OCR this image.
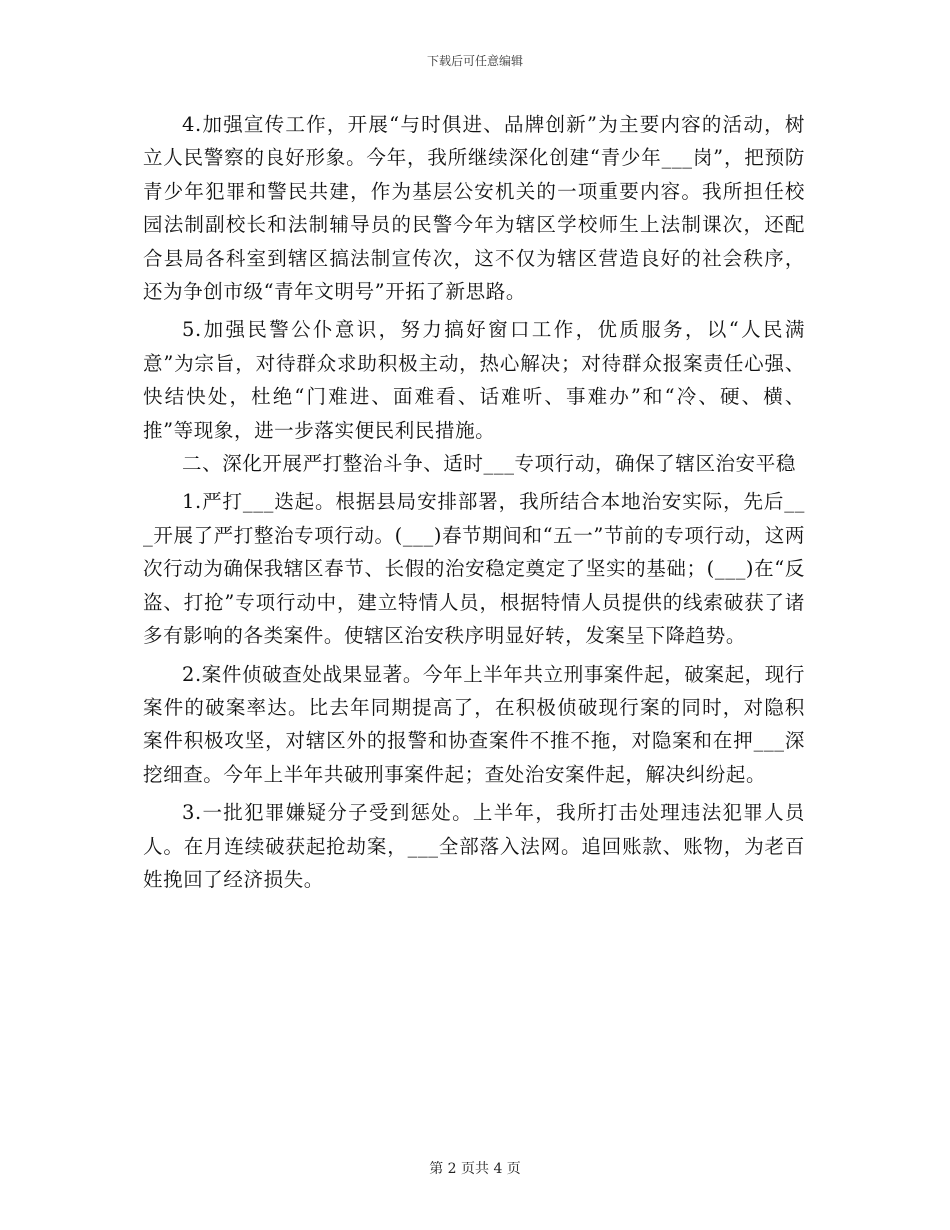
下载后可任意编辑

4.加强宣传工作，开展“与时俱进、品牌创新”为主要内容的活动，树立人民警察的良好形象。今年，我所继续深化创建“青少年___岗”，把预防青少年犯罪和警民共建，作为基层公安机关的一项重要内容。我所担任校园法制副校长和法制辅导员的民警今年为辖区学校师生上法制课次，还配合县局各科室到辖区搞法制宣传次，这不仅为辖区营造良好的社会秩序，还为争创市级“青年文明号”开拓了新思路。

5.加强民警公仆意识，努力搞好窗口工作，优质服务，以“人民满意”为宗旨，对待群众求助积极主动，热心解决；对待群众报案责任心强、快结快处，杜绝“门难进、面难看、话难听、事难办”和“冷、硬、横、推”等现象，进一步落实便民利民措施。

二、深化开展严打整治斗争、适时___专项行动，确保了辖区治安平稳

1.严打___迭起。根据县局安排部署，我所结合本地治安实际，先后___开展了严打整治专项行动。(___)春节期间和“五一”节前的专项行动，这两次行动为确保我辖区春节、长假的治安稳定奠定了坚实的基础；(___)在“反盗、打抢”专项行动中，建立特情人员，根据特情人员提供的线索破获了诸多有影响的各类案件。使辖区治安秩序明显好转，发案呈下降趋势。

2.案件侦破查处战果显著。今年上半年共立刑事案件起，破案起，现行案件的破案率达。比去年同期提高了，在积极侦破现行案的同时，对隐积案件积极攻坚，对辖区外的报警和协查案件不推不拖，对隐案和在押___深挖细查。今年上半年共破刑事案件起；查处治安案件起，解决纠纷起。

3.一批犯罪嫌疑分子受到惩处。上半年，我所打击处理违法犯罪人员人。在月连续破获起抢劫案，___全部落入法网。追回账款、账物，为老百姓挽回了经济损失。

第 2 页共 4 页
